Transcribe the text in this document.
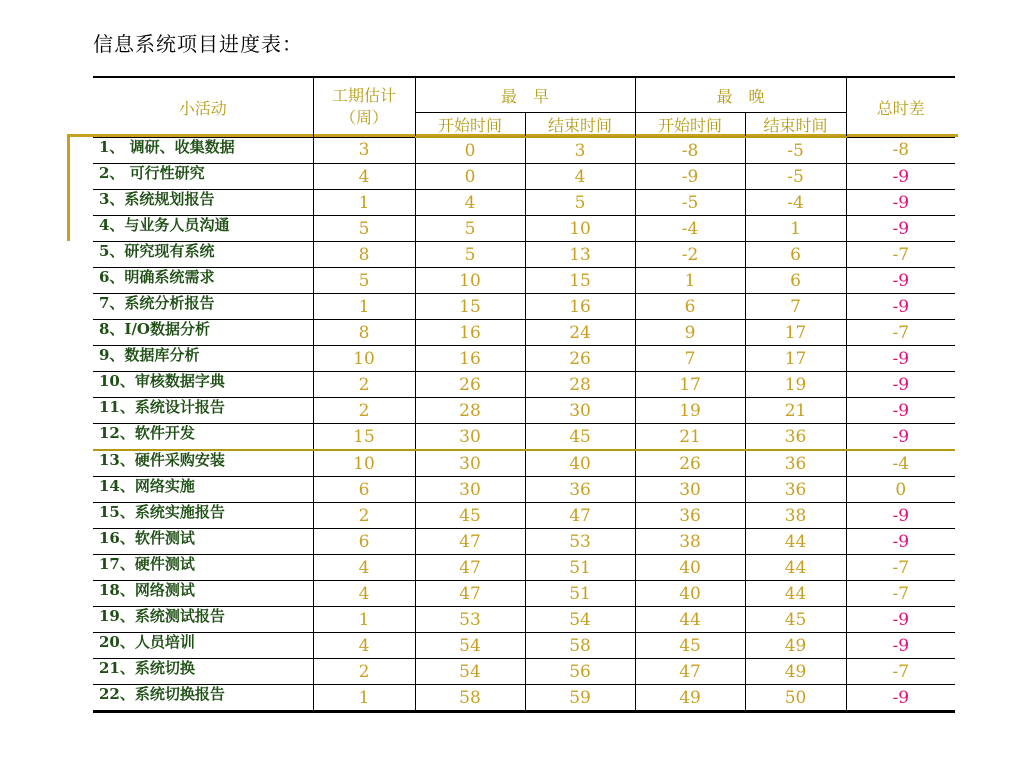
信息系统项目进度表：
小活动	工期估计
（周）	最　早		最　晚		总时差
		开始时间	结束时间	开始时间	结束时间	
1、 调研、收集数据	3	0	3	-8	-5	-8
2、 可行性研究	4	0	4	-9	-5	-9
3、系统规划报告	1	4	5	-5	-4	-9
4、与业务人员沟通	5	5	10	-4	1	-9
5、研究现有系统	8	5	13	-2	6	-7
6、明确系统需求	5	10	15	1	6	-9
7、系统分析报告	1	15	16	6	7	-9
8、I/O数据分析	8	16	24	9	17	-7
9、数据库分析	10	16	26	7	17	-9
10、审核数据字典	2	26	28	17	19	-9
11、系统设计报告	2	28	30	19	21	-9
12、软件开发	15	30	45	21	36	-9
13、硬件采购安装	10	30	40	26	36	-4
14、网络实施	6	30	36	30	36	0
15、系统实施报告	2	45	47	36	38	-9
16、软件测试	6	47	53	38	44	-9
17、硬件测试	4	47	51	40	44	-7
18、网络测试	4	47	51	40	44	-7
19、系统测试报告	1	53	54	44	45	-9
20、人员培训	4	54	58	45	49	-9
21、系统切换	2	54	56	47	49	-7
22、系统切换报告	1	58	59	49	50	-9
